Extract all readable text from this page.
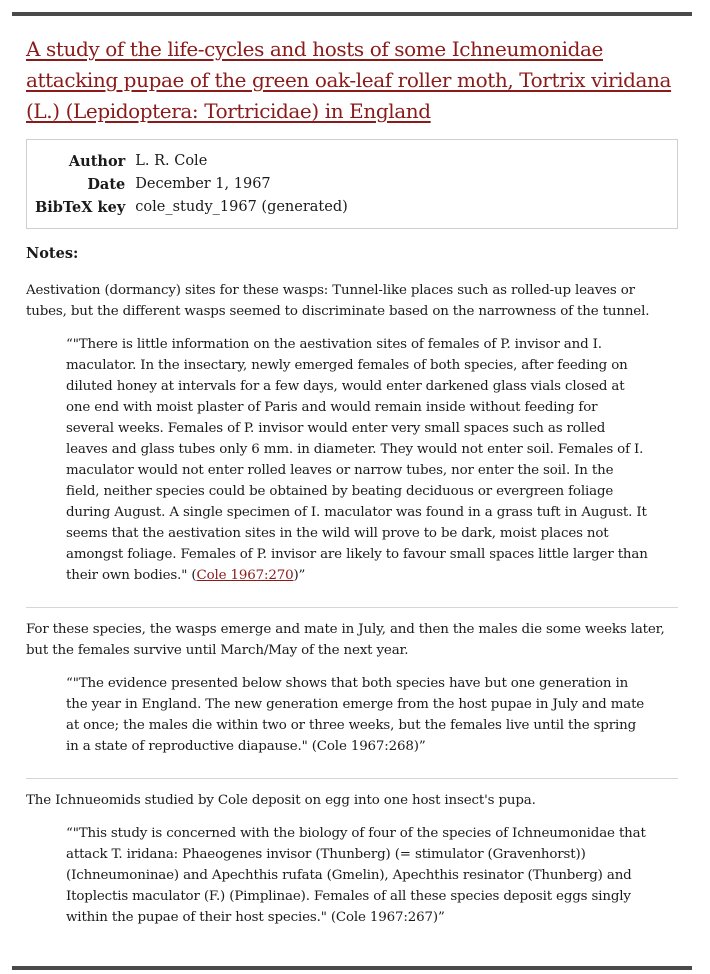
A study of the life-cycles and hosts of some Ichneumonidae attacking pupae of the green oak-leaf roller moth, Tortrix viridana (L.) (Lepidoptera: Tortricidae) in England
Author	L. R. Cole
Date	December 1, 1967
BibTeX key	cole_study_1967 (generated)
Notes:

Aestivation (dormancy) sites for these wasps: Tunnel-like places such as rolled-up leaves or tubes, but the different wasps seemed to discriminate based on the narrowness of the tunnel.

“"There is little information on the aestivation sites of females of P. invisor and I. maculator. In the insectary, newly emerged females of both species, after feeding on diluted honey at intervals for a few days, would enter darkened glass vials closed at one end with moist plaster of Paris and would remain inside without feeding for several weeks. Females of P. invisor would enter very small spaces such as rolled leaves and glass tubes only 6 mm. in diameter. They would not enter soil. Females of I. maculator would not enter rolled leaves or narrow tubes, nor enter the soil. In the field, neither species could be obtained by beating deciduous or evergreen foliage during August. A single specimen of I. maculator was found in a grass tuft in August. It seems that the aestivation sites in the wild will prove to be dark, moist places not amongst foliage. Females of P. invisor are likely to favour small spaces little larger than their own bodies." (Cole 1967:270)”

For these species, the wasps emerge and mate in July, and then the males die some weeks later, but the females survive until March/May of the next year.

“"The evidence presented below shows that both species have but one generation in the year in England. The new generation emerge from the host pupae in July and mate at once; the males die within two or three weeks, but the females live until the spring in a state of reproductive diapause." (Cole 1967:268)”

The Ichnueomids studied by Cole deposit on egg into one host insect's pupa.

“"This study is concerned with the biology of four of the species of Ichneumonidae that attack T. iridana: Phaeogenes invisor (Thunberg) (= stimulator (Gravenhorst)) (Ichneumoninae) and Apechthis rufata (Gmelin), Apechthis resinator (Thunberg) and Itoplectis maculator (F.) (Pimplinae). Females of all these species deposit eggs singly within the pupae of their host species." (Cole 1967:267)”
